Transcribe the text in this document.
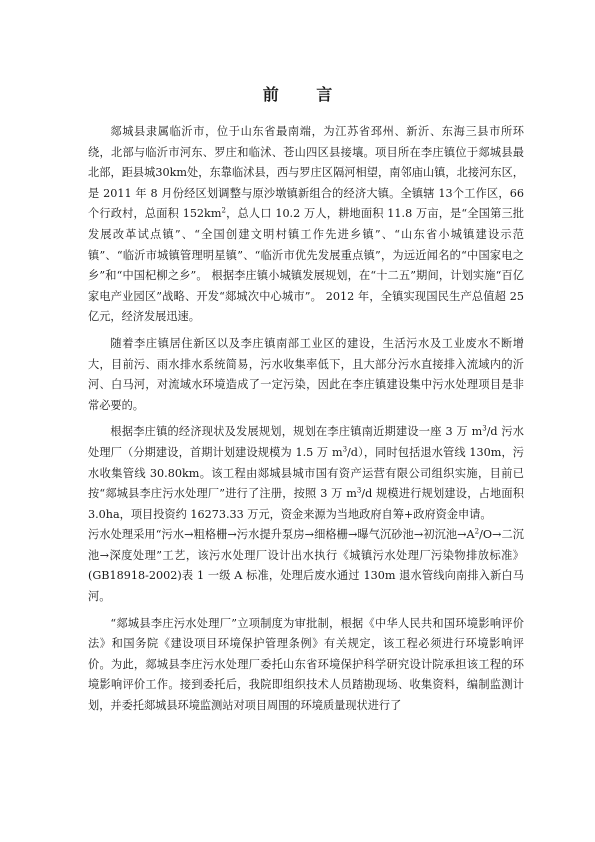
前 言

郯城县隶属临沂市，位于山东省最南端，为江苏省邳州、新沂、东海三县市所环绕，北部与临沂市河东、罗庄和临沭、苍山四区县接壤。项目所在李庄镇位于郯城县最北部，距县城30km处，东靠临沭县，西与罗庄区隔河相望，南邻庙山镇，北接河东区，是 2011 年 8 月份经区划调整与原沙墩镇新组合的经济大镇。全镇辖 13个工作区，66 个行政村，总面积 $152km^2$，总人口 10.2 万人，耕地面积 11.8 万亩，是“全国第三批发展改革试点镇”、“全国创建文明村镇工作先进乡镇”、“山东省小城镇建设示范镇”、“临沂市城镇管理明星镇”、“临沂市优先发展重点镇”，为远近闻名的“中国家电之乡”和“中国杞柳之乡”。 根据李庄镇小城镇发展规划，在“十二五”期间，计划实施“百亿家电产业园区”战略、开发“郯城次中心城市”。 2012 年，全镇实现国民生产总值超 25 亿元，经济发展迅速。

随着李庄镇居住新区以及李庄镇南部工业区的建设，生活污水及工业废水不断增大，目前污、雨水排水系统简易，污水收集率低下，且大部分污水直接排入流域内的沂河、白马河，对流域水环境造成了一定污染，因此在李庄镇建设集中污水处理项目是非常必要的。

根据李庄镇的经济现状及发展规划，规划在李庄镇南近期建设一座 3 万 $m^3/d$ 污水处理厂（分期建设，首期计划建设规模为 1.5 万 $m^3/d$），同时包括退水管线 130m，污水收集管线 30.80km。该工程由郯城县城市国有资产运营有限公司组织实施，目前已按“郯城县李庄污水处理厂”进行了注册，按照 3 万 $m^3/d$ 规模进行规划建设，占地面积 3.0ha，项目投资约 16273.33 万元，资金来源为当地政府自筹+政府资金申请。

污水处理采用“污水→粗格栅→污水提升泵房→细格栅→曝气沉砂池→初沉池$\to A^2/O\to$二沉池→深度处理”工艺，该污水处理厂设计出水执行《城镇污水处理厂污染物排放标准》(GB18918-2002)表 1 一级 A 标准，处理后废水通过 130m 退水管线向南排入新白马河。

“郯城县李庄污水处理厂”立项制度为审批制，根据《中华人民共和国环境影响评价法》和国务院《建设项目环境保护管理条例》有关规定，该工程必须进行环境影响评价。为此，郯城县李庄污水处理厂委托山东省环境保护科学研究设计院承担该工程的环境影响评价工作。接到委托后，我院即组织技术人员踏勘现场、收集资料，编制监测计划，并委托郯城县环境监测站对项目周围的环境质量现状进行了
